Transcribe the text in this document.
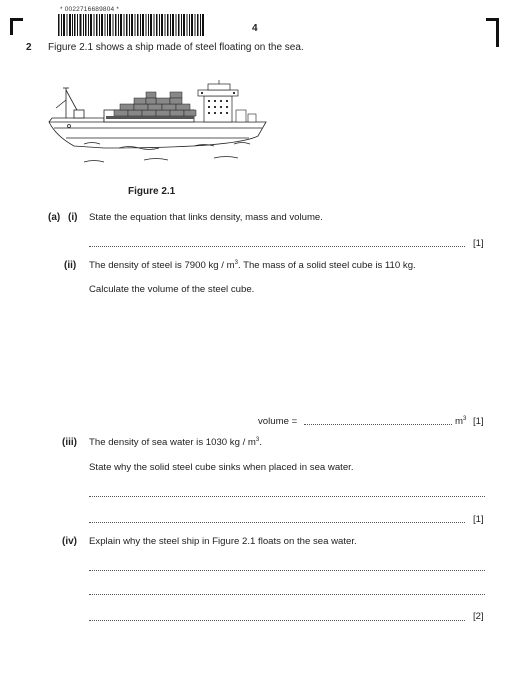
* 0022716689804 *
4
2 Figure 2.1 shows a ship made of steel floating on the sea.
Figure 2.1
(a) (i) State the equation that links density, mass and volume.
[1]
(ii) The density of steel is 7900 kg / $m^3$. The mass of a solid steel cube is 110 kg.
Calculate the volume of the steel cube.
volume =	$m^3$ [1]
(iii) The density of sea water is 1030 kg / $m^3$.
State why the solid steel cube sinks when placed in sea water.
[1]
(iv) Explain why the steel ship in Figure 2.1 floats on the sea water.
[2]
